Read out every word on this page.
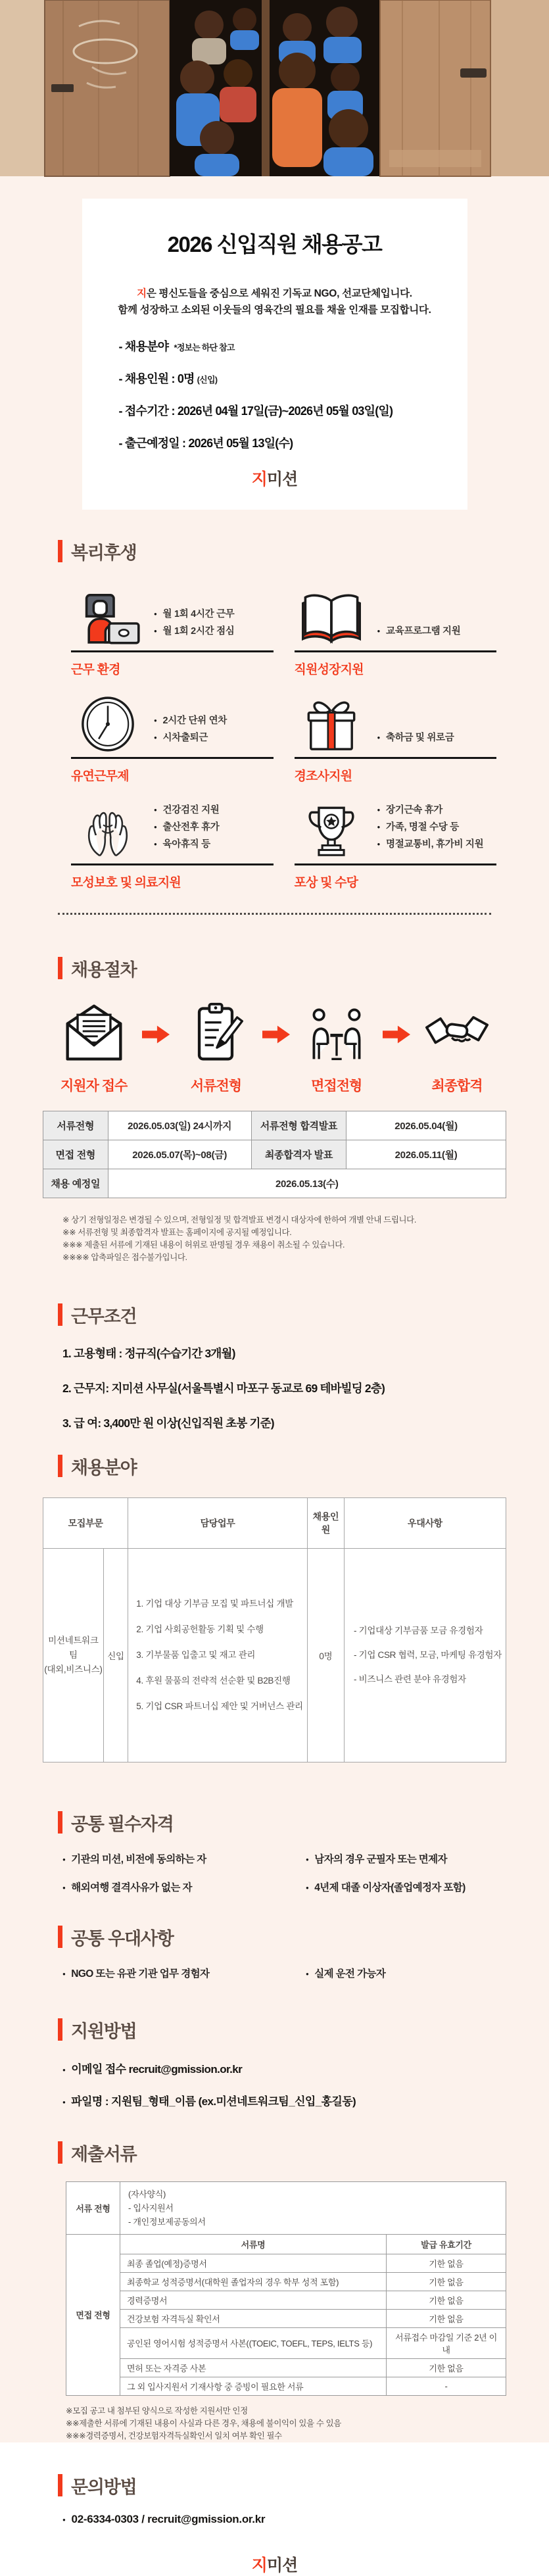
2026 신입직원 채용공고
지은 평신도들을 중심으로 세워진 기독교 NGO, 선교단체입니다.
함께 성장하고 소외된 이웃들의 영육간의 필요를 채울 인재를 모집합니다.
- 채용분야 *정보는 하단 참고
- 채용인원 : 0명 (신입)
- 접수기간 : 2026년 04월 17일(금)~2026년 05월 03일(일)
- 출근예정일 : 2026년 05월 13일(수)
지미션
복리후생
● 월 1회 4시간 근무
● 월 1회 2시간 점심
근무 환경
● 교육프로그램 지원
직원성장지원
● 2시간 단위 연차
● 시차출퇴근
유연근무제
● 축하금 및 위로금
경조사지원
● 건강검진 지원
● 출산전후 휴가
● 육아휴직 등
모성보호 및 의료지원
● 장기근속 휴가
● 가족, 명절 수당 등
● 명절교통비, 휴가비 지원
포상 및 수당
채용절차
지원자 접수	서류전형	면접전형	최종합격
서류전형	2026.05.03(일) 24시까지	서류전형 합격발표	2026.05.04(월)
면접 전형	2026.05.07(목)~08(금)	최종합격자 발표	2026.05.11(월)
채용 예정일	2026.05.13(수)		
※ 상기 전형일정은 변경될 수 있으며, 전형일정 및 합격발표 변경시 대상자에 한하여 개별 안내 드립니다.
※※ 서류전형 및 최종합격자 발표는 홈페이지에 공지될 예정입니다.
※※※ 제출된 서류에 기재된 내용이 허위로 판명될 경우 채용이 취소될 수 있습니다.
※※※※ 압축파일은 접수불가입니다.
근무조건
1. 고용형태 : 정규직(수습기간 3개월)
2. 근무지: 지미션 사무실(서울특별시 마포구 동교로 69 테바빌딩 2층)
3. 급 여: 3,400만 원 이상(신입직원 초봉 기준)
채용분야
모집부문		담당업무	채용인원	우대사항

미션네트워크팀
(대외,비즈니스)
	신입	
1. 기업 대상 기부금 모집 및 파트너십 개발
2. 기업 사회공헌활동 기획 및 수행
3. 기부물품 입출고 및 재고 관리
4. 후원 물품의 전략적 선순환 및 B2B진행
5. 기업 CSR 파트너십 제안 및 거버넌스 관리
	0명	
- 기업대상 기부금품 모금 유경험자
- 기업 CSR 협력, 모금, 마케팅 유경험자
- 비즈니스 관련 분야 유경험자
공통 필수자격
● 기관의 미션, 비전에 동의하는 자	● 남자의 경우 군필자 또는 면제자
● 해외여행 결격사유가 없는 자	● 4년제 대졸 이상자(졸업예정자 포함)
공통 우대사항
● NGO 또는 유관 기관 업무 경험자	● 실제 운전 가능자
지원방법
● 이메일 접수 recruit@gmission.or.kr
● 파일명 : 지원팀_형태_이름 (ex.미션네트워크팀_신입_홍길동)
제출서류
서류 전형	(자사양식)
- 입사지원서
- 개인정보제공동의서	

면접 전형	서류명	발급 유효기간
	최종 졸업(예정)증명서	기한 없음
	최종학교 성적증명서(대학원 졸업자의 경우 학부 성적 포함)	기한 없음
	경력증명서	기한 없음
	건강보험 자격득실 확인서	기한 없음
	공인된 영어시험 성적증명서 사본((TOEIC, TOEFL, TEPS, IELTS 등)	서류접수 마감일 기준 2년 이내
	면허 또는 자격증 사본	기한 없음
	그 외 입사지원서 기재사항 중 증빙이 필요한 서류	-
※모집 공고 내 첨부된 양식으로 작성한 지원서만 인정
※※제출한 서류에 기재된 내용이 사실과 다른 경우, 채용에 불이익이 있을 수 있음
※※※경력증명서, 건강보험자격득실확인서 일치 여부 확인 필수
문의방법
● 02-6334-0303 / recruit@gmission.or.kr
지미션
